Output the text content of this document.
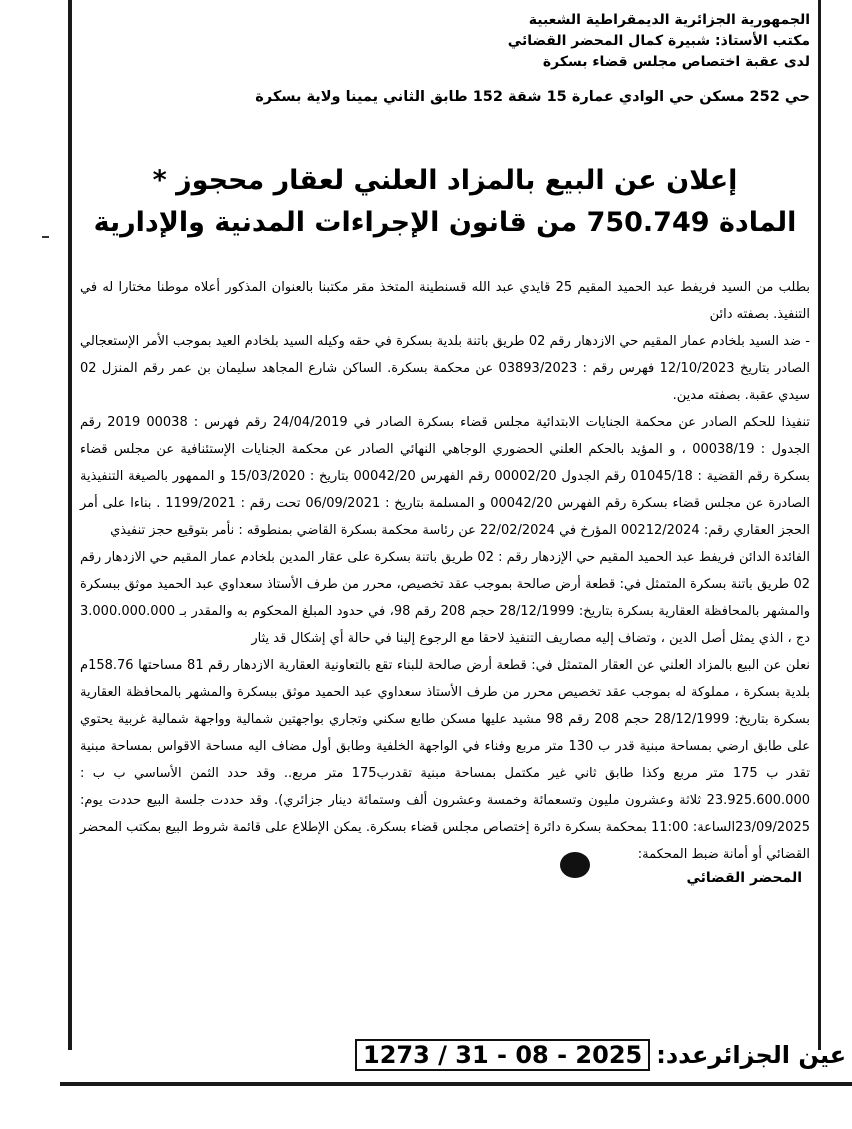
الجمهورية الجزائرية الديمقراطية الشعبية

مكتب الأستاذ: شبيرة كمال المحضر القضائي

لدى عقبة اختصاص مجلس قضاء بسكرة

حي 252 مسكن حي الوادي عمارة 15 شقة 152 طابق الثاني يمينا ولاية بسكرة

إعلان عن البيع بالمزاد العلني لعقار محجوز *
المادة 750.749 من قانون الإجراءات المدنية والإدارية

بطلب من السيد فريفط عبد الحميد المقيم 25 قايدي عبد الله قسنطينة المتخذ مقر مكتبنا بالعنوان المذكور أعلاه موطنا مختارا له في التنفيذ. بصفته دائن

- ضد السيد بلخادم عمار المقيم حي الازدهار رقم 02 طريق باتنة بلدية بسكرة في حقه وكيله السيد بلخادم العيد بموجب الأمر الإستعجالي الصادر بتاريخ 12/10/2023 فهرس رقم : 03893/2023 عن محكمة بسكرة. الساكن شارع المجاهد سليمان بن عمر رقم المنزل 02 سيدي عقبة. بصفته مدين.

تنفيذا للحكم الصادر عن محكمة الجنايات الابتدائية مجلس قضاء بسكرة الصادر في 24/04/2019 رقم فهرس : 00038 2019 رقم الجدول : 00038/19 ، و المؤيد بالحكم العلني الحضوري الوجاهي النهائي الصادر عن محكمة الجنايات الإستئنافية عن مجلس قضاء بسكرة رقم القضية : 01045/18 رقم الجدول 00002/20 رقم الفهرس 00042/20 بتاريخ : 15/03/2020 و الممهور بالصيغة التنفيذية الصادرة عن مجلس قضاء بسكرة رقم الفهرس 00042/20 و المسلمة بتاريخ : 06/09/2021 تحت رقم : 1199/2021 . بناءا على أمر الحجز العقاري رقم: 00212/2024 المؤرخ في 22/02/2024 عن رئاسة محكمة بسكرة القاضي بمنطوقه : نأمر بتوقيع حجز تنفيذي

الفائدة الدائن فريفط عبد الحميد المقيم حي الإزدهار رقم : 02 طريق باتنة بسكرة على عقار المدين بلخادم عمار المقيم حي الازدهار رقم 02 طريق باتنة بسكرة المتمثل في: قطعة أرض صالحة بموجب عقد تخصيص، محرر من طرف الأستاذ سعداوي عبد الحميد موثق ببسكرة والمشهر بالمحافظة العقارية بسكرة بتاريخ: 28/12/1999 حجم 208 رقم 98، في حدود المبلغ المحكوم به والمقدر بـ 3.000.000.000 دج ، الذي يمثل أصل الدين ، وتضاف إليه مصاريف التنفيذ لاحقا مع الرجوع إلينا في حالة أي إشكال قد يثار

نعلن عن البيع بالمزاد العلني عن العقار المتمثل في: قطعة أرض صالحة للبناء تقع بالتعاونية العقارية الازدهار رقم 81 مساحتها 158.76م بلدية بسكرة ، مملوكة له بموجب عقد تخصيص محرر من طرف الأستاذ سعداوي عبد الحميد موثق ببسكرة والمشهر بالمحافظة العقارية بسكرة بتاريخ: 28/12/1999 حجم 208 رقم 98 مشيد عليها مسكن طابع سكني وتجاري بواجهتين شمالية وواجهة شمالية غربية يحتوي على طابق ارضي بمساحة مبنية قدر ب 130 متر مربع وفناء في الواجهة الخلفية وطابق أول مضاف اليه مساحة الاقواس بمساحة مبنية تقدر ب 175 متر مربع وكذا طابق ثاني غير مكتمل بمساحة مبنية تقدرب175 متر مربع.. وقد حدد الثمن الأساسي ب ب : 23.925.600.000 ثلاثة وعشرون مليون وتسعمائة وخمسة وعشرون ألف وستمائة دينار جزائري). وقد حددت جلسة البيع حددت يوم: 23/09/2025الساعة: 11:00 بمحكمة بسكرة دائرة إختصاص مجلس قضاء بسكرة. يمكن الإطلاع على قائمة شروط البيع بمكتب المحضر القضائي أو أمانة ضبط المحكمة:

المحضر القضائي
عين الجزائرعدد:
1273 / 31 - 08 - 2025
